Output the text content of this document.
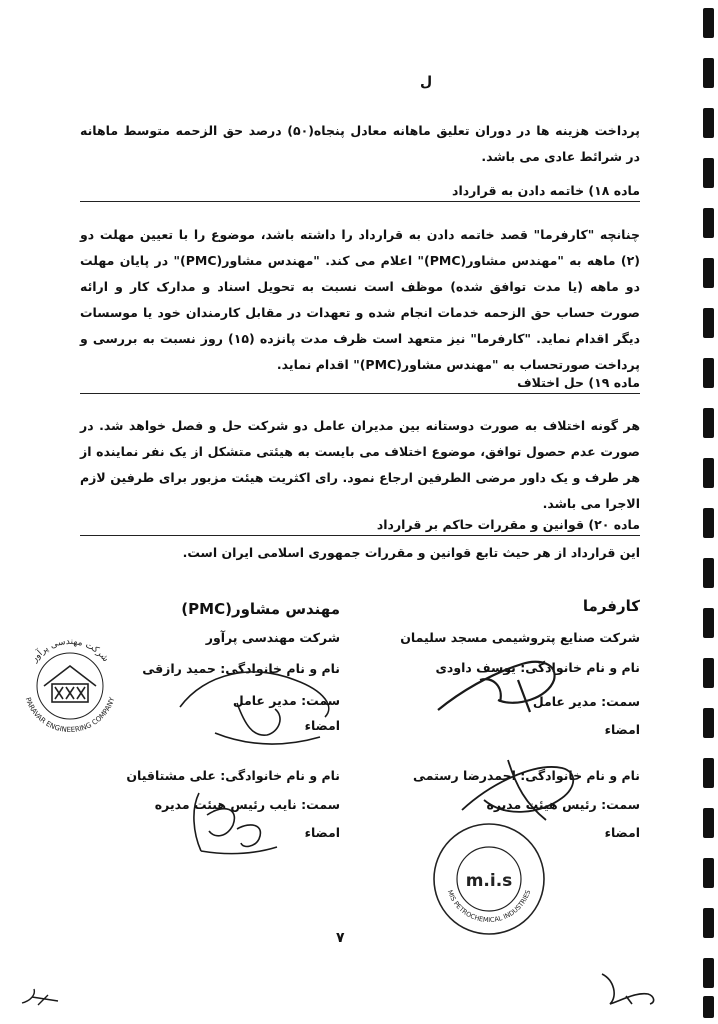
ل
پرداخت هزینه ها در دوران تعلیق ماهانه معادل پنجاه(۵۰) درصد حق الزحمه متوسط ماهانه در شرائط عادی می باشد.
ماده ۱۸) خاتمه دادن به قرارداد
چنانچه "کارفرما" قصد خاتمه دادن به قرارداد را داشته باشد، موضوع را با تعیین مهلت دو (۲) ماهه به "مهندس مشاور(PMC)" اعلام می کند. "مهندس مشاور(PMC)" در پایان مهلت دو ماهه (یا مدت توافق شده) موظف است نسبت به تحویل اسناد و مدارک کار و ارائه صورت حساب حق الزحمه خدمات انجام شده و تعهدات در مقابل کارمندان خود یا موسسات دیگر اقدام نماید. "کارفرما" نیز متعهد است ظرف مدت پانزده (۱۵) روز نسبت به بررسی و پرداخت صورتحساب به "مهندس مشاور(PMC)" اقدام نماید.
ماده ۱۹) حل اختلاف
هر گونه اختلاف به صورت دوستانه بین مدیران عامل دو شرکت حل و فصل خواهد شد. در صورت عدم حصول توافق، موضوع اختلاف می بایست به هیئتی متشکل از یک نفر نماینده از هر طرف و یک داور مرضی الطرفین ارجاع نمود. رای اکثریت هیئت مزبور برای طرفین لازم الاجرا می باشد.
ماده ۲۰) قوانین و مقررات حاکم بر قرارداد
این قرارداد از هر حیث تابع قوانین و مقررات جمهوری اسلامی ایران است.
کارفرما
شرکت صنایع پتروشیمی مسجد سلیمان
نام و نام خانوادگی: یوسف داودی
سمت: مدیر عامل
امضاء
نام و نام خانوادگی: احمدرضا رستمی
سمت: رئیس هیئت مدیره
امضاء
مهندس مشاور(PMC)
شرکت مهندسی پرآور
نام و نام خانوادگی: حمید رازقی
سمت: مدیر عامل
امضاء
نام و نام خانوادگی: علی مشتاقیان
سمت: نایب رئیس هیئت مدیره
امضاء
شرکت مهندسی پرآور
PARAVAR ENGINEERING COMPANY
m.i.s
MIS PETROCHEMICAL INDUSTRIES
۷
